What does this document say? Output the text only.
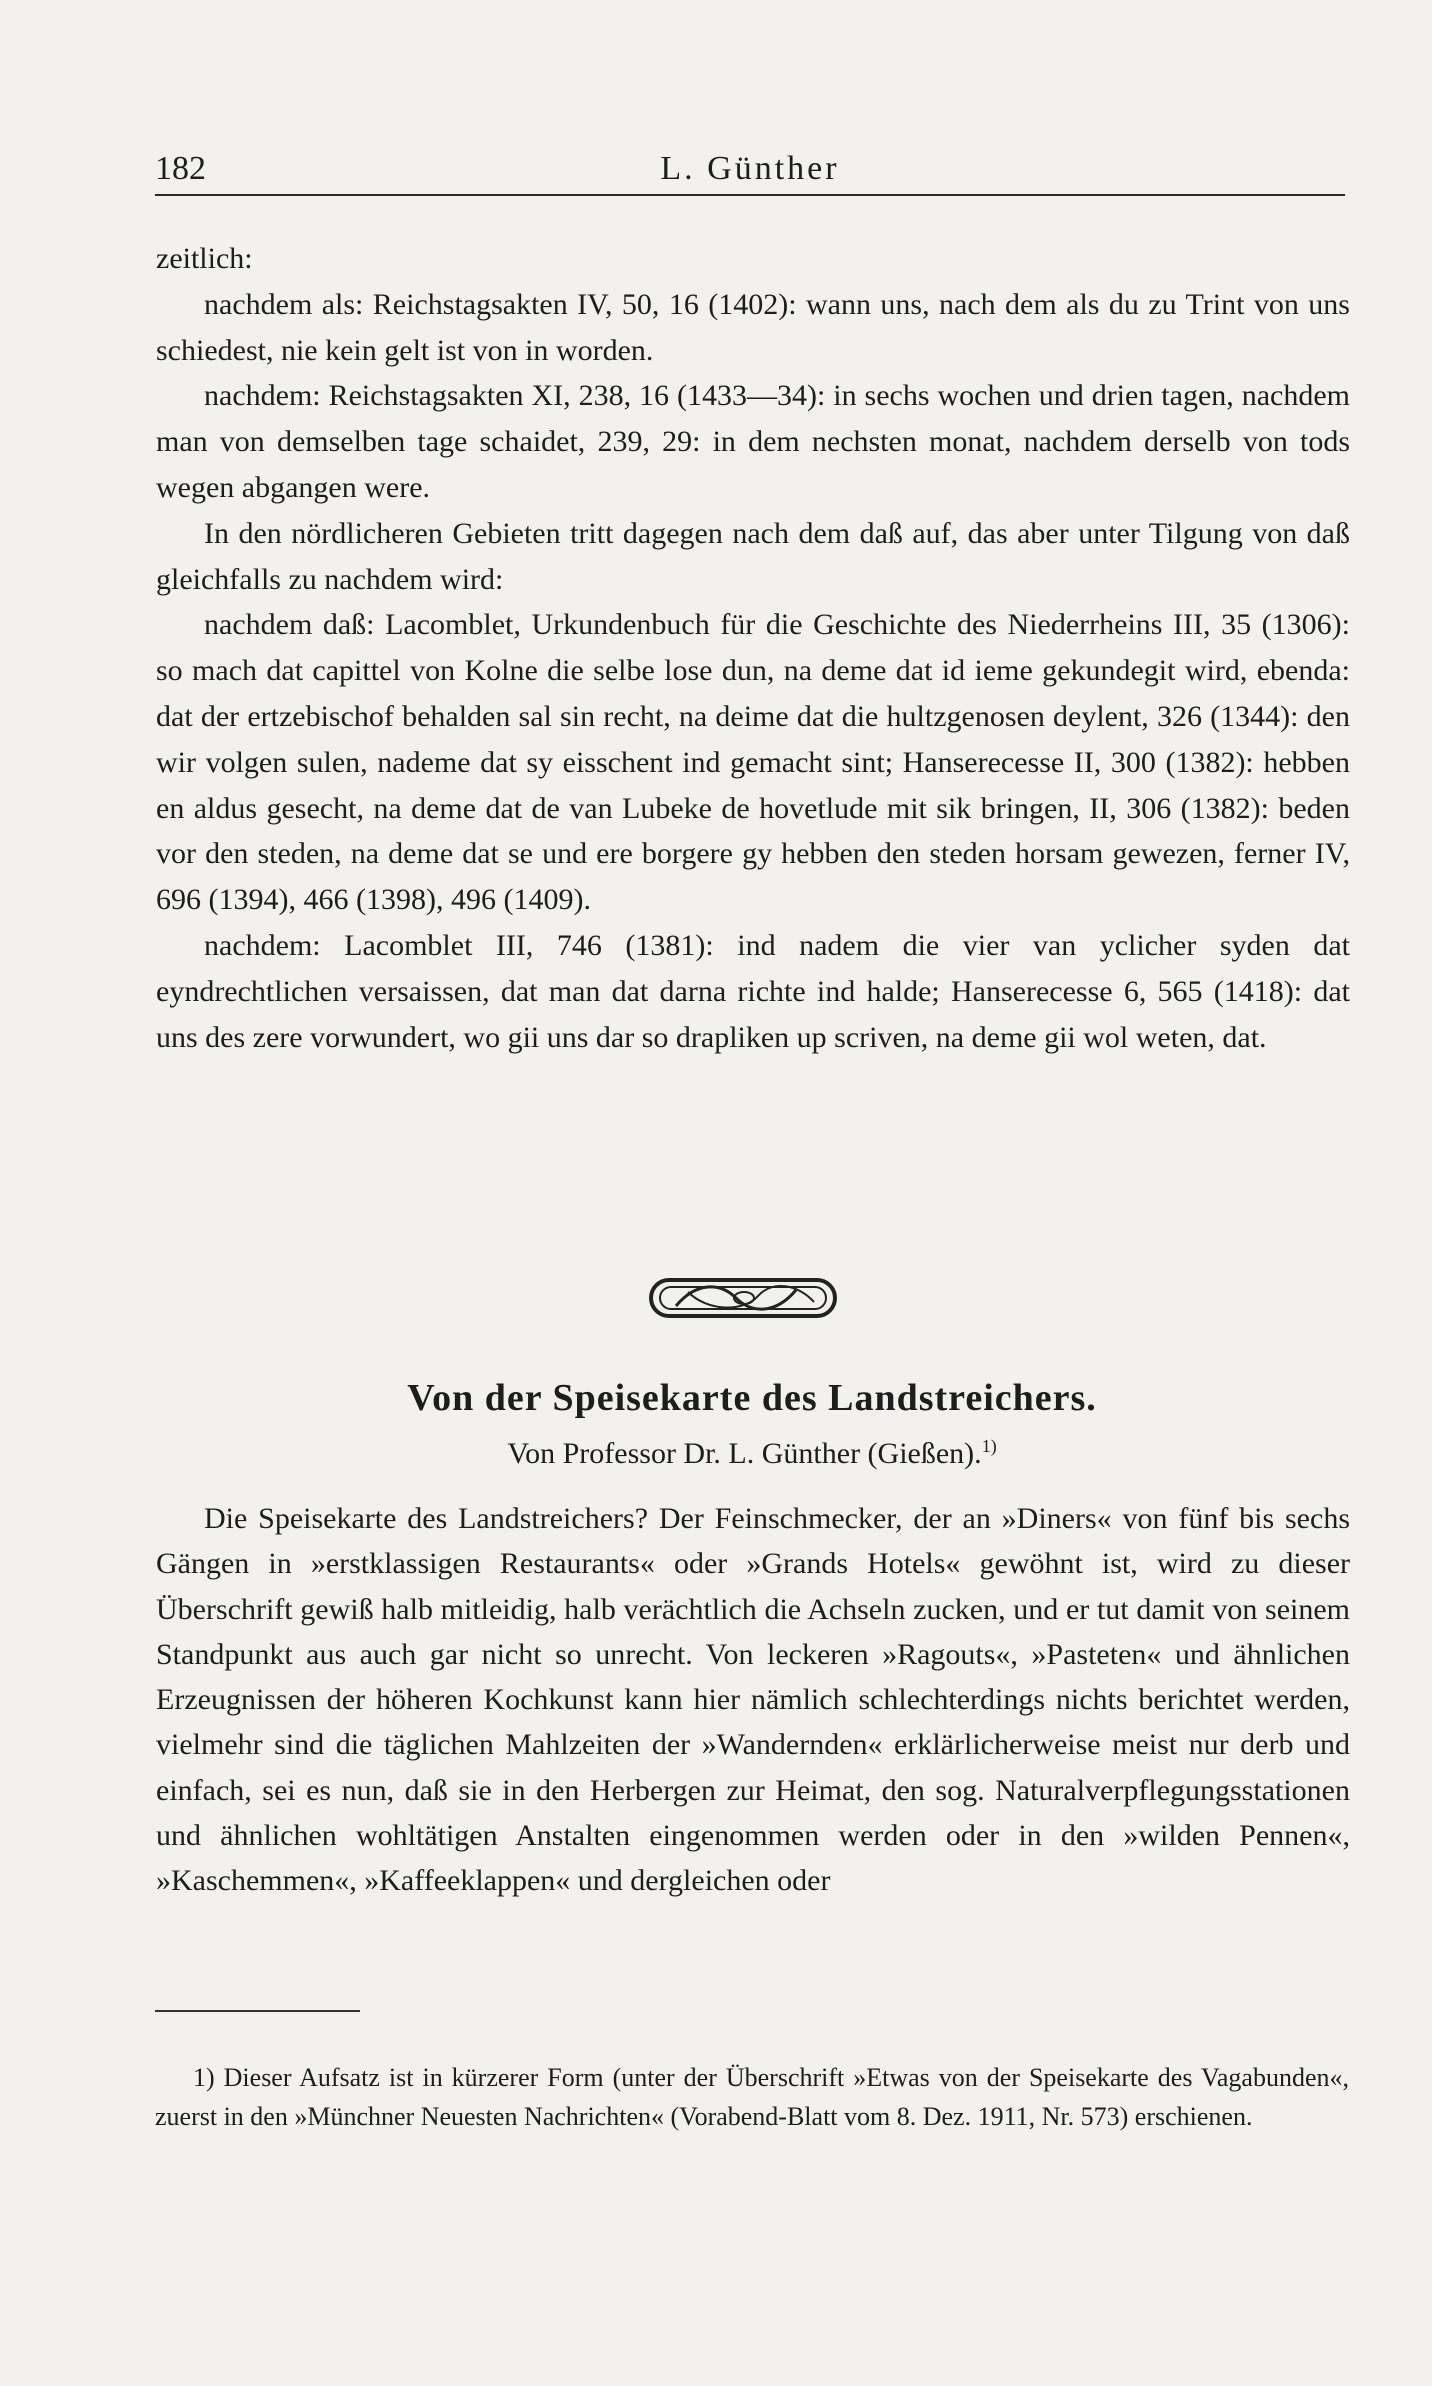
182	L. Günther

zeitlich:

nachdem als: Reichstagsakten IV, 50, 16 (1402): wann uns, nach dem als du zu Trint von uns schiedest, nie kein gelt ist von in worden.

nachdem: Reichstagsakten XI, 238, 16 (1433—34): in sechs wochen und drien tagen, nachdem man von demselben tage schaidet, 239, 29: in dem nechsten monat, nachdem derselb von tods wegen abgangen were.

In den nördlicheren Gebieten tritt dagegen nach dem daß auf, das aber unter Tilgung von daß gleichfalls zu nachdem wird:

nachdem daß: Lacomblet, Urkundenbuch für die Geschichte des Niederrheins III, 35 (1306): so mach dat capittel von Kolne die selbe lose dun, na deme dat id ieme gekundegit wird, ebenda: dat der ertzebischof behalden sal sin recht, na deime dat die hultzgenosen deylent, 326 (1344): den wir volgen sulen, nademe dat sy eisschent ind gemacht sint; Hanserecesse II, 300 (1382): hebben en aldus gesecht, na deme dat de van Lubeke de hovetlude mit sik bringen, II, 306 (1382): beden vor den steden, na deme dat se und ere borgere gy hebben den steden horsam gewezen, ferner IV, 696 (1394), 466 (1398), 496 (1409).

nachdem: Lacomblet III, 746 (1381): ind nadem die vier van yclicher syden dat eyndrechtlichen versaissen, dat man dat darna richte ind halde; Hanserecesse 6, 565 (1418): dat uns des zere vorwundert, wo gii uns dar so drapliken up scriven, na deme gii wol weten, dat.

Von der Speisekarte des Landstreichers.
Von Professor Dr. L. Günther (Gießen).$^{1)}$

Die Speisekarte des Landstreichers? Der Feinschmecker, der an »Diners« von fünf bis sechs Gängen in »erstklassigen Restaurants« oder »Grands Hotels« gewöhnt ist, wird zu dieser Überschrift gewiß halb mitleidig, halb verächtlich die Achseln zucken, und er tut damit von seinem Standpunkt aus auch gar nicht so unrecht. Von leckeren »Ragouts«, »Pasteten« und ähnlichen Erzeugnissen der höheren Kochkunst kann hier nämlich schlechterdings nichts berichtet werden, vielmehr sind die täglichen Mahlzeiten der »Wandernden« erklärlicherweise meist nur derb und einfach, sei es nun, daß sie in den Herbergen zur Heimat, den sog. Naturalverpflegungsstationen und ähnlichen wohltätigen Anstalten eingenommen werden oder in den »wilden Pennen«, »Kaschemmen«, »Kaffeeklappen« und dergleichen oder

1) Dieser Aufsatz ist in kürzerer Form (unter der Überschrift »Etwas von der Speisekarte des Vagabunden«, zuerst in den »Münchner Neuesten Nachrichten« (Vorabend-Blatt vom 8. Dez. 1911, Nr. 573) erschienen.
